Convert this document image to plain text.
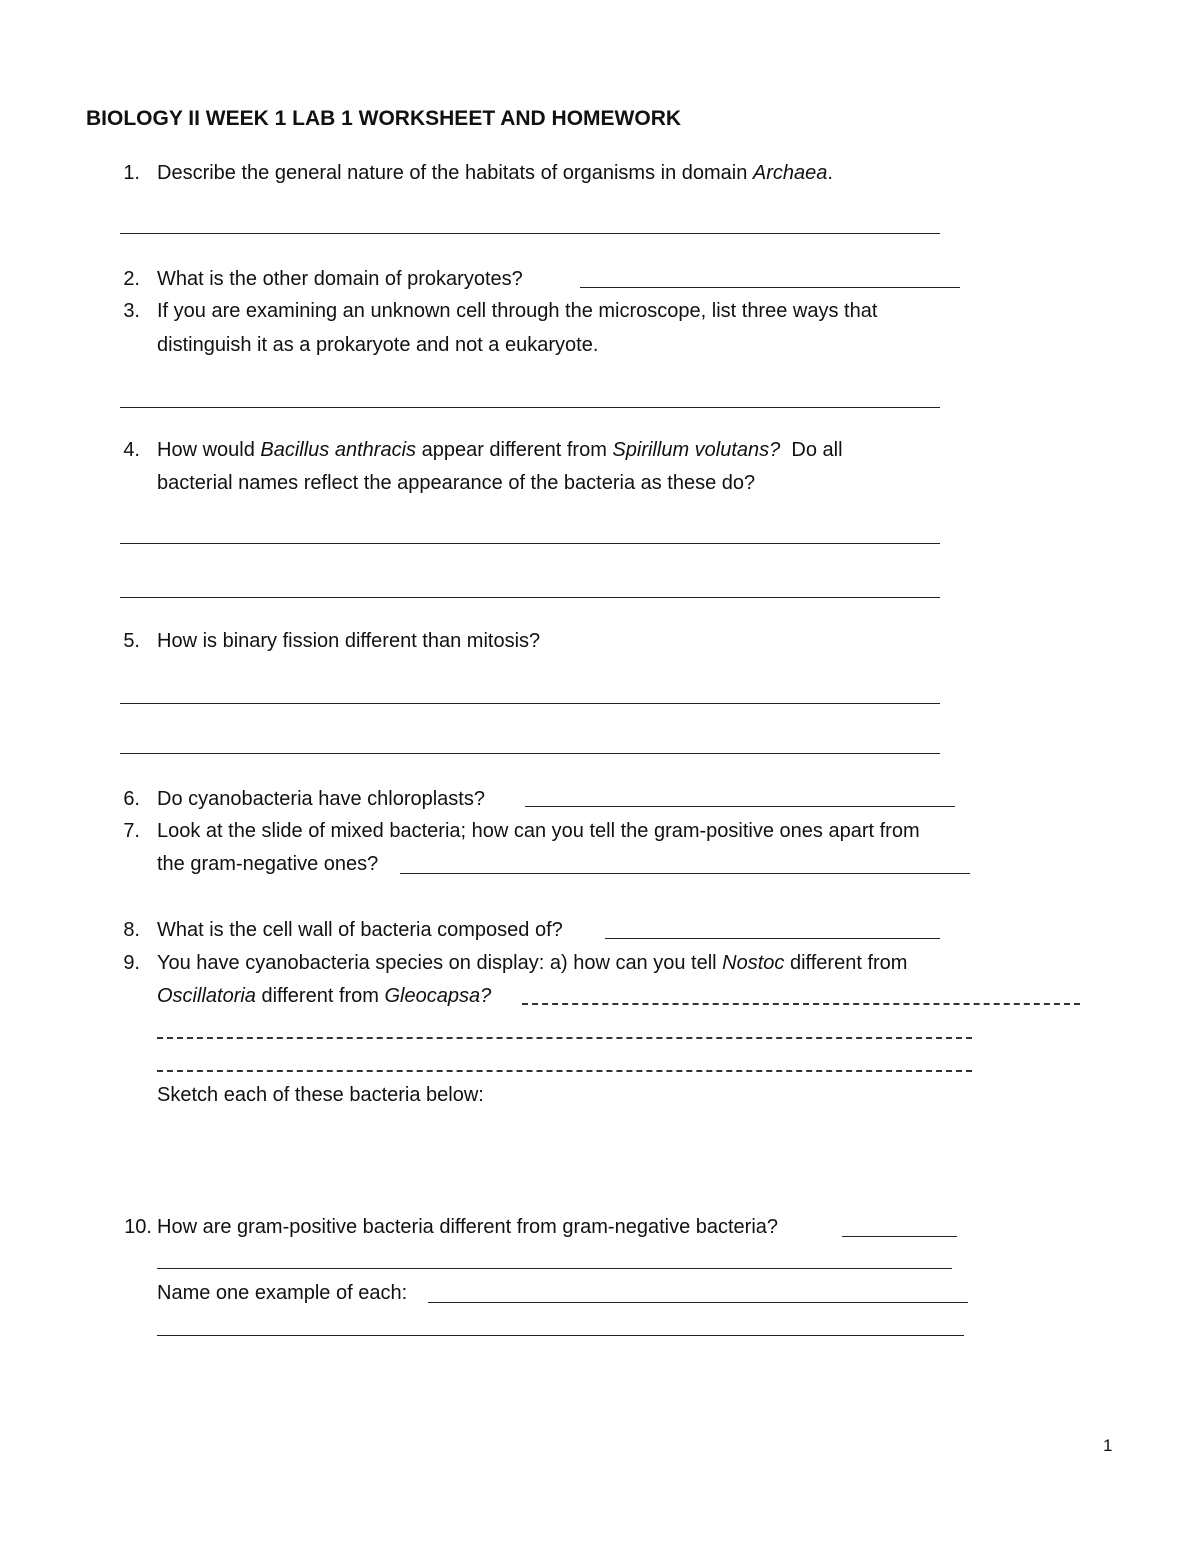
BIOLOGY II WEEK 1 LAB 1 WORKSHEET AND HOMEWORK
1. Describe the general nature of the habitats of organisms in domain Archaea.
2. What is the other domain of prokaryotes?
3. If you are examining an unknown cell through the microscope, list three ways that
distinguish it as a prokaryote and not a eukaryote.
4. How would Bacillus anthracis appear different from Spirillum volutans?  Do all
bacterial names reflect the appearance of the bacteria as these do?
5. How is binary fission different than mitosis?
6. Do cyanobacteria have chloroplasts?
7. Look at the slide of mixed bacteria; how can you tell the gram-positive ones apart from
the gram-negative ones?
8. What is the cell wall of bacteria composed of?
9. You have cyanobacteria species on display: a) how can you tell Nostoc different from
Oscillatoria different from Gleocapsa?
Sketch each of these bacteria below:
10. How are gram-positive bacteria different from gram-negative bacteria?
Name one example of each:
1
